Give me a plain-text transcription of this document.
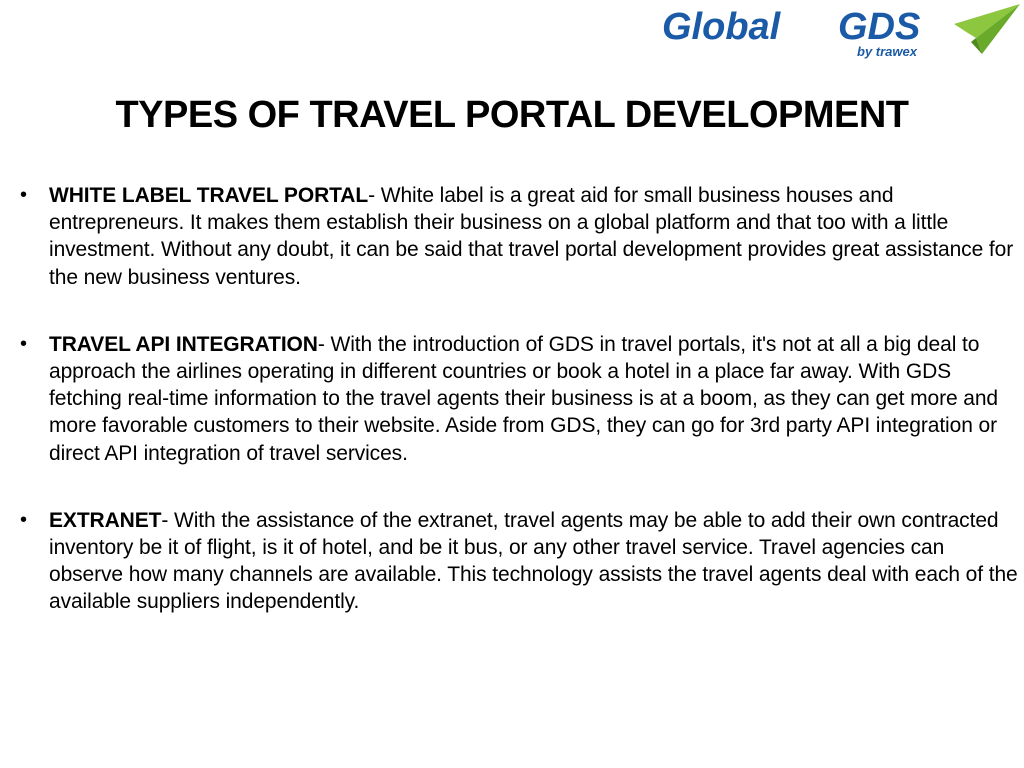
Global GDS
by trawex
TYPES OF TRAVEL PORTAL DEVELOPMENT
• WHITE LABEL TRAVEL PORTAL- White label is a great aid for small business houses and entrepreneurs. It makes them establish their business on a global platform and that too with a little investment. Without any doubt, it can be said that travel portal development provides great assistance for the new business ventures.
• TRAVEL API INTEGRATION- With the introduction of GDS in travel portals, it's not at all a big deal to approach the airlines operating in different countries or book a hotel in a place far away. With GDS fetching real-time information to the travel agents their business is at a boom, as they can get more and more favorable customers to their website. Aside from GDS, they can go for 3rd party API integration or direct API integration of travel services.
• EXTRANET- With the assistance of the extranet, travel agents may be able to add their own contracted inventory be it of flight, is it of hotel, and be it bus, or any other travel service. Travel agencies can observe how many channels are available. This technology assists the travel agents deal with each of the available suppliers independently.
